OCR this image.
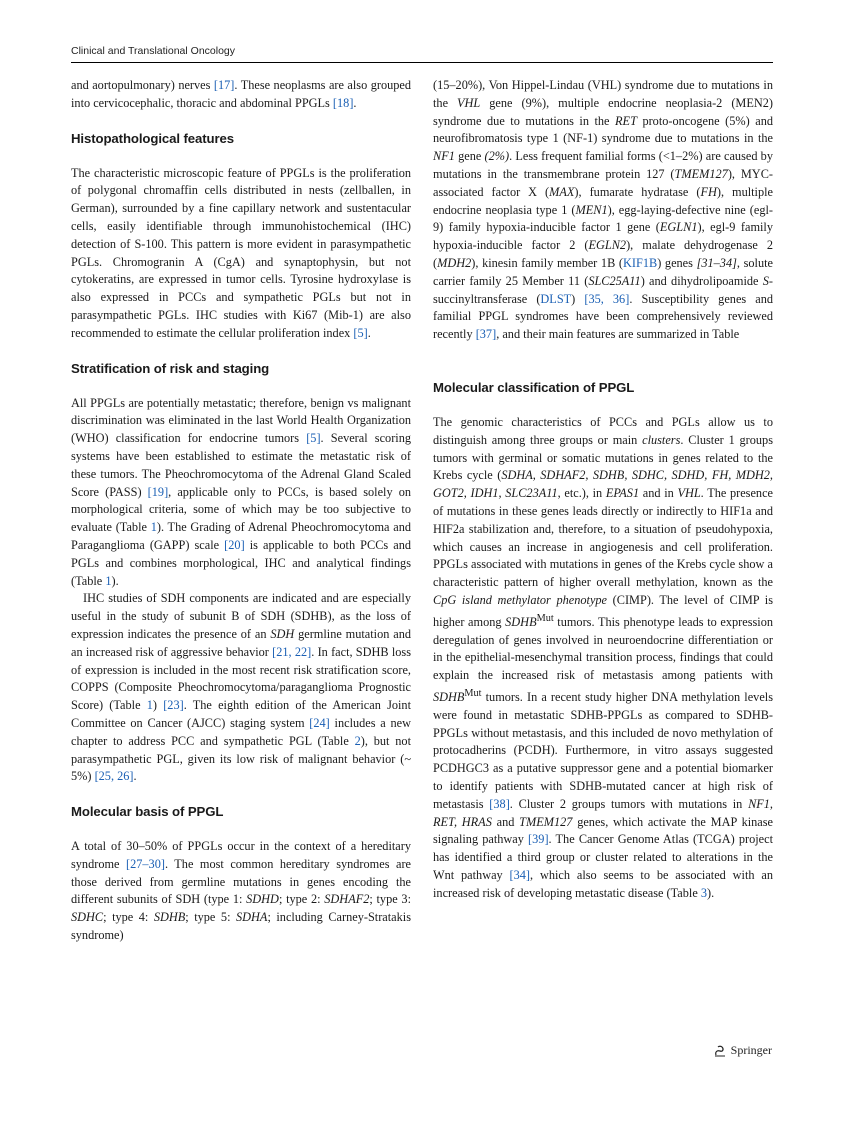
Clinical and Translational Oncology

and aortopulmonary) nerves [17]. These neoplasms are also grouped into cervicocephalic, thoracic and abdominal PPGLs [18].

Histopathological features

The characteristic microscopic feature of PPGLs is the proliferation of polygonal chromaffin cells distributed in nests (zellballen, in German), surrounded by a fine capillary network and sustentacular cells, easily identifiable through immunohistochemical (IHC) detection of S-100. This pattern is more evident in parasympathetic PGLs. Chromogranin A (CgA) and synaptophysin, but not cytokeratins, are expressed in tumor cells. Tyrosine hydroxylase is also expressed in PCCs and sympathetic PGLs but not in parasympathetic PGLs. IHC studies with Ki67 (Mib-1) are also recommended to estimate the cellular proliferation index [5].

Stratification of risk and staging

All PPGLs are potentially metastatic; therefore, benign vs malignant discrimination was eliminated in the last World Health Organization (WHO) classification for endocrine tumors [5]. Several scoring systems have been established to estimate the metastatic risk of these tumors. The Pheochromocytoma of the Adrenal Gland Scaled Score (PASS) [19], applicable only to PCCs, is based solely on morphological criteria, some of which may be too subjective to evaluate (Table 1). The Grading of Adrenal Pheochromocytoma and Paraganglioma (GAPP) scale [20] is applicable to both PCCs and PGLs and combines morphological, IHC and analytical findings (Table 1).

IHC studies of SDH components are indicated and are especially useful in the study of subunit B of SDH (SDHB), as the loss of expression indicates the presence of an SDH germline mutation and an increased risk of aggressive behavior [21, 22]. In fact, SDHB loss of expression is included in the most recent risk stratification score, COPPS (Composite Pheochromocytoma/paraganglioma Prognostic Score) (Table 1) [23]. The eighth edition of the American Joint Committee on Cancer (AJCC) staging system [24] includes a new chapter to address PCC and sympathetic PGL (Table 2), but not parasympathetic PGL, given its low risk of malignant behavior (~ 5%) [25, 26].

Molecular basis of PPGL

A total of 30–50% of PPGLs occur in the context of a hereditary syndrome [27–30]. The most common hereditary syndromes are those derived from germline mutations in genes encoding the different subunits of SDH (type 1: SDHD; type 2: SDHAF2; type 3: SDHC; type 4: SDHB; type 5: SDHA; including Carney-Stratakis syndrome)

(15–20%), Von Hippel-Lindau (VHL) syndrome due to mutations in the VHL gene (9%), multiple endocrine neoplasia-2 (MEN2) syndrome due to mutations in the RET proto-oncogene (5%) and neurofibromatosis type 1 (NF-1) syndrome due to mutations in the NF1 gene (2%). Less frequent familial forms (<1–2%) are caused by mutations in the transmembrane protein 127 (TMEM127), MYC-associated factor X (MAX), fumarate hydratase (FH), multiple endocrine neoplasia type 1 (MEN1), egg-laying-defective nine (egl-9) family hypoxia-inducible factor 1 gene (EGLN1), egl-9 family hypoxia-inducible factor 2 (EGLN2), malate dehydrogenase 2 (MDH2), kinesin family member 1B (KIF1B) genes [31–34], solute carrier family 25 Member 11 (SLC25A11) and dihydrolipoamide S-succinyltransferase (DLST) [35, 36]. Susceptibility genes and familial PPGL syndromes have been comprehensively reviewed recently [37], and their main features are summarized in Table

Molecular classification of PPGL

The genomic characteristics of PCCs and PGLs allow us to distinguish among three groups or main clusters. Cluster 1 groups tumors with germinal or somatic mutations in genes related to the Krebs cycle (SDHA, SDHAF2, SDHB, SDHC, SDHD, FH, MDH2, GOT2, IDH1, SLC23A11, etc.), in EPAS1 and in VHL. The presence of mutations in these genes leads directly or indirectly to HIF1a and HIF2a stabilization and, therefore, to a situation of pseudohypoxia, which causes an increase in angiogenesis and cell proliferation. PPGLs associated with mutations in genes of the Krebs cycle show a characteristic pattern of higher overall methylation, known as the CpG island methylator phenotype (CIMP). The level of CIMP is higher among $SDHB^{Mut}$ tumors. This phenotype leads to expression deregulation of genes involved in neuroendocrine differentiation or in the epithelial-mesenchymal transition process, findings that could explain the increased risk of metastasis among patients with $SDHB^{Mut}$ tumors. In a recent study higher DNA methylation levels were found in metastatic SDHB-PPGLs as compared to SDHB-PPGLs without metastasis, and this included de novo methylation of protocadherins (PCDH). Furthermore, in vitro assays suggested PCDHGC3 as a putative suppressor gene and a potential biomarker to identify patients with SDHB-mutated cancer at high risk of metastasis [38]. Cluster 2 groups tumors with mutations in NF1, RET, HRAS and TMEM127 genes, which activate the MAP kinase signaling pathway [39]. The Cancer Genome Atlas (TCGA) project has identified a third group or cluster related to alterations in the Wnt pathway [34], which also seems to be associated with an increased risk of developing metastatic disease (Table 3).

Springer
